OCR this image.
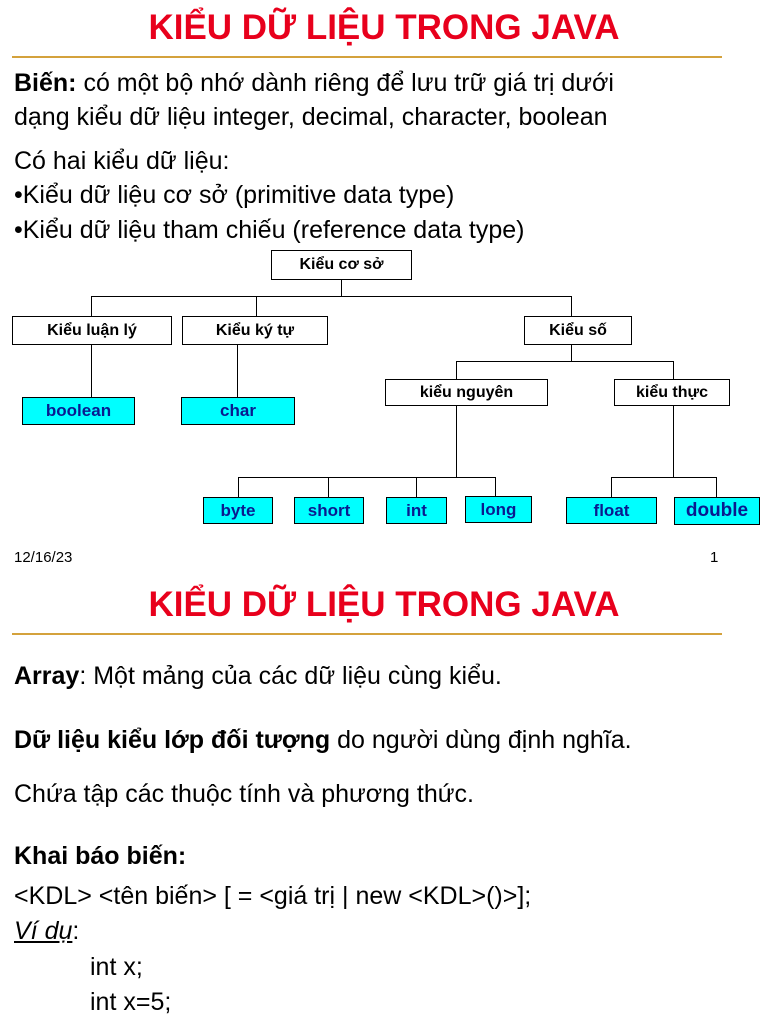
KIỂU DỮ LIỆU TRONG JAVA
Biến: có một bộ nhớ dành riêng để lưu trữ giá trị dưới
dạng kiểu dữ liệu integer, decimal, character, boolean
Có hai kiểu dữ liệu:
•Kiểu dữ liệu cơ sở (primitive data type)
•Kiểu dữ liệu tham chiếu (reference data type)
Kiểu cơ sở
Kiểu luận lý	Kiểu ký tự	Kiểu số
kiểu nguyên	kiểu thực
boolean	char
byte	short	int	long	float	double
12/16/23	1
KIỂU DỮ LIỆU TRONG JAVA
Array: Một mảng của các dữ liệu cùng kiểu.
Dữ liệu kiểu lớp đối tượng do người dùng định nghĩa.
Chứa tập các thuộc tính và phương thức.
Khai báo biến:
<KDL> <tên biến> [ = <giá trị | new <KDL>()>];
Ví dụ:
int x;
int x=5;
